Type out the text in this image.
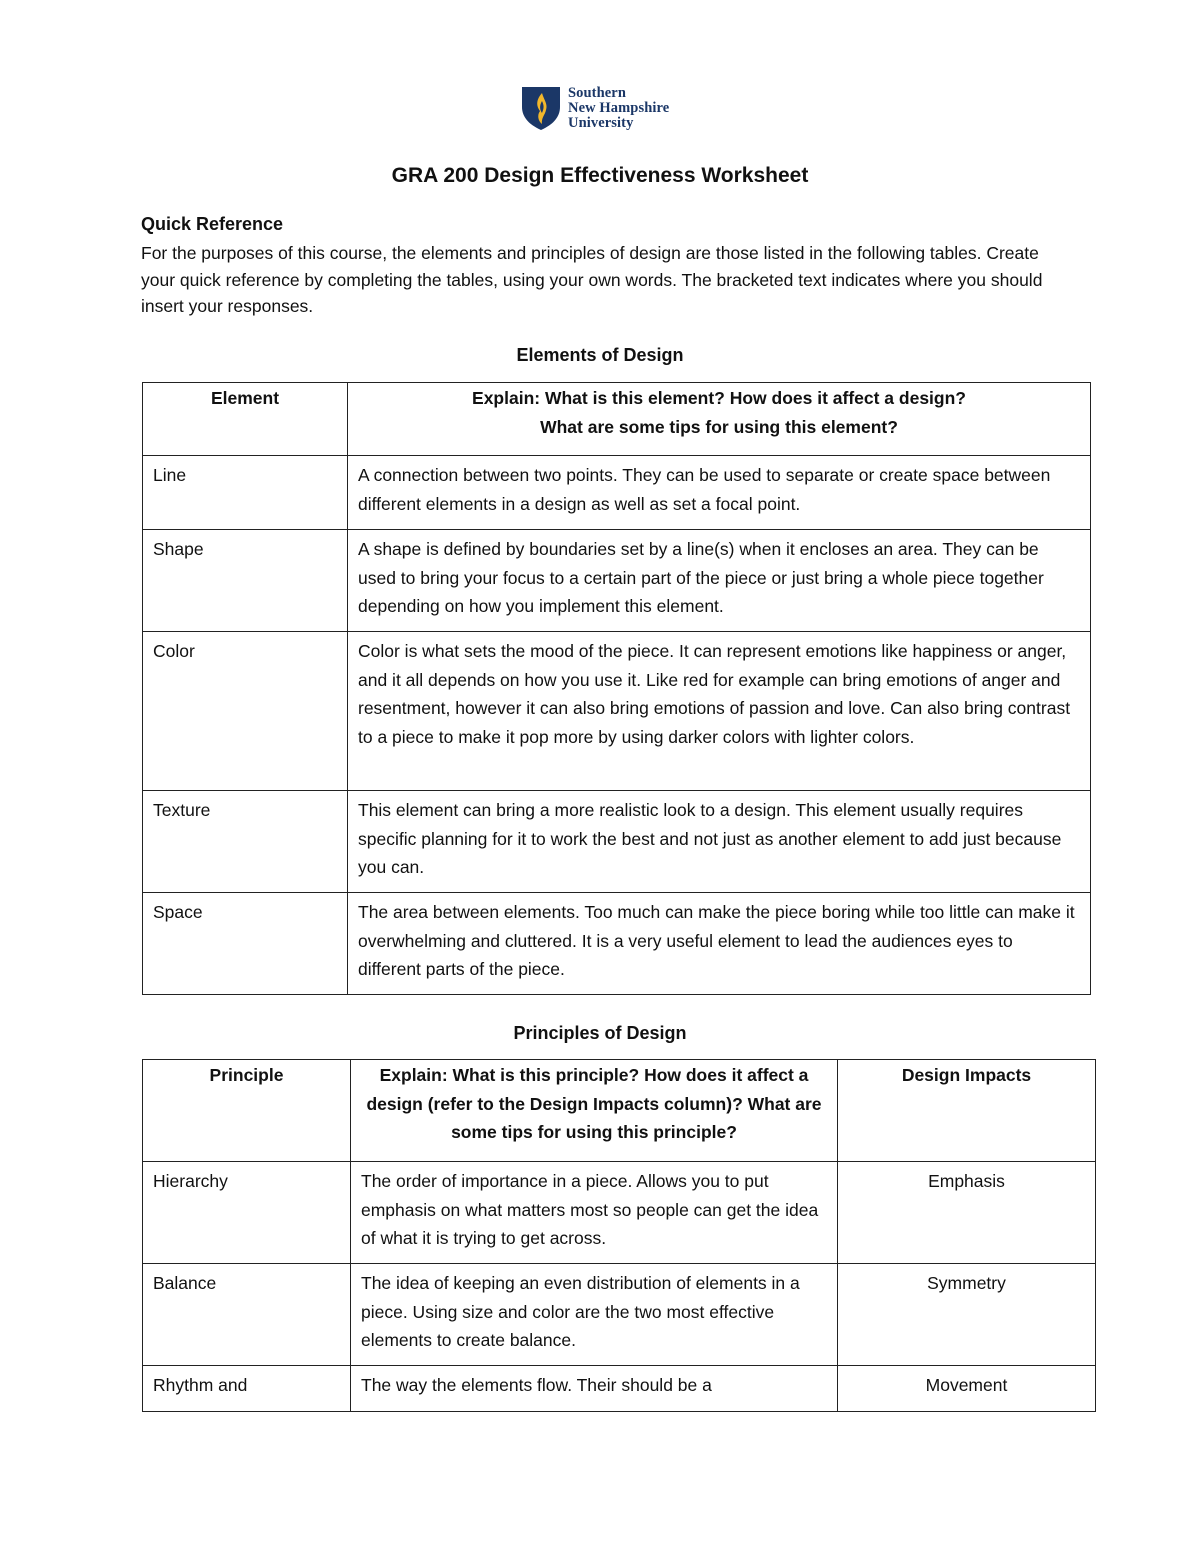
Southern
New Hampshire
University
GRA 200 Design Effectiveness Worksheet
Quick Reference

For the purposes of this course, the elements and principles of design are those listed in the following tables. Create your quick reference by completing the tables, using your own words. The bracketed text indicates where you should insert your responses.

Elements of Design
Element	Explain: What is this element? How does it affect a design?
What are some tips for using this element?
Line	A connection between two points. They can be used to separate or create space between different elements in a design as well as set a focal point.
Shape	A shape is defined by boundaries set by a line(s) when it encloses an area. They can be used to bring your focus to a certain part of the piece or just bring a whole piece together depending on how you implement this element.
Color	Color is what sets the mood of the piece. It can represent emotions like happiness or anger, and it all depends on how you use it. Like red for example can bring emotions of anger and resentment, however it can also bring emotions of passion and love. Can also bring contrast to a piece to make it pop more by using darker colors with lighter colors.
Texture	This element can bring a more realistic look to a design. This element usually requires specific planning for it to work the best and not just as another element to add just because you can.
Space	The area between elements. Too much can make the piece boring while too little can make it overwhelming and cluttered. It is a very useful element to lead the audiences eyes to different parts of the piece.
Principles of Design
Principle	Explain: What is this principle? How does it affect a design (refer to the Design Impacts column)? What are some tips for using this principle?	Design Impacts
Hierarchy	The order of importance in a piece. Allows you to put emphasis on what matters most so people can get the idea of what it is trying to get across.	Emphasis
Balance	The idea of keeping an even distribution of elements in a piece. Using size and color are the two most effective elements to create balance.	Symmetry
Rhythm and	The way the elements flow. Their should be a	Movement
